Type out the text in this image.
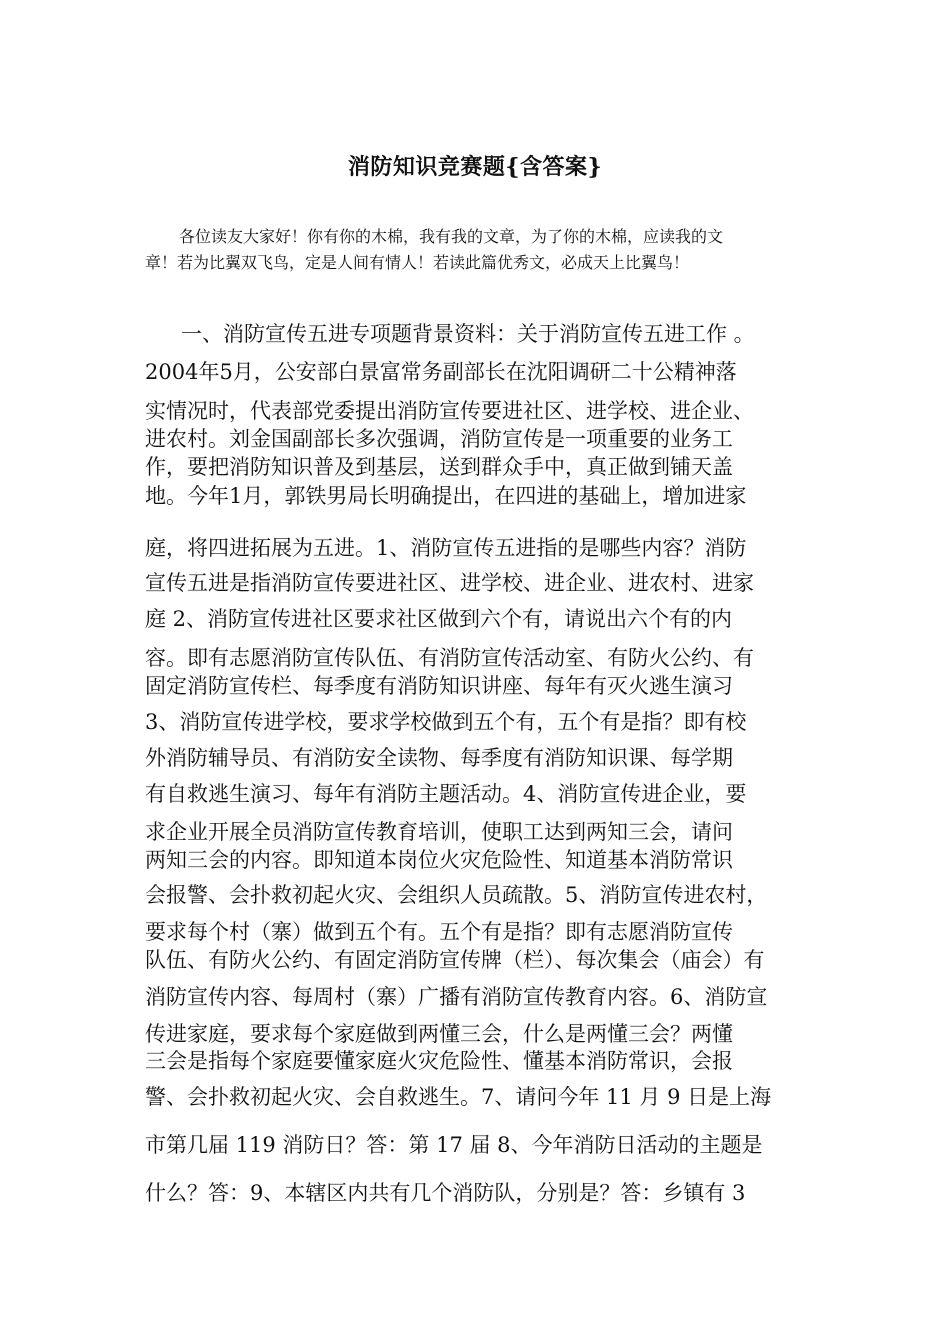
消防知识竞赛题{含答案}
各位读友大家好！你有你的木棉，我有我的文章，为了你的木棉，应读我的文
章！若为比翼双飞鸟，定是人间有情人！若读此篇优秀文，必成天上比翼鸟！
一、消防宣传五进专项题背景资料：关于消防宣传五进工作 。
2004年5月，公安部白景富常务副部长在沈阳调研二十公精神落
实情况时，代表部党委提出消防宣传要进社区、进学校、进企业、
进农村。刘金国副部长多次强调，消防宣传是一项重要的业务工
作，要把消防知识普及到基层，送到群众手中，真正做到铺天盖
地。今年1月，郭铁男局长明确提出，在四进的基础上，增加进家
庭，将四进拓展为五进。1、消防宣传五进指的是哪些内容？消防
宣传五进是指消防宣传要进社区、进学校、进企业、进农村、进家
庭 2、消防宣传进社区要求社区做到六个有，请说出六个有的内
容。即有志愿消防宣传队伍、有消防宣传活动室、有防火公约、有
固定消防宣传栏、每季度有消防知识讲座、每年有灭火逃生演习
3、消防宣传进学校，要求学校做到五个有，五个有是指？即有校
外消防辅导员、有消防安全读物、每季度有消防知识课、每学期
有自救逃生演习、每年有消防主题活动。4、消防宣传进企业，要
求企业开展全员消防宣传教育培训，使职工达到两知三会，请问
两知三会的内容。即知道本岗位火灾危险性、知道基本消防常识
会报警、会扑救初起火灾、会组织人员疏散。5、消防宣传进农村，
要求每个村（寨）做到五个有。五个有是指？即有志愿消防宣传
队伍、有防火公约、有固定消防宣传牌（栏）、每次集会（庙会）有
消防宣传内容、每周村（寨）广播有消防宣传教育内容。6、消防宣
传进家庭，要求每个家庭做到两懂三会，什么是两懂三会？两懂
三会是指每个家庭要懂家庭火灾危险性、懂基本消防常识，会报
警、会扑救初起火灾、会自救逃生。7、请问今年 11 月 9 日是上海
市第几届 119 消防日？答：第 17 届 8、今年消防日活动的主题是
什么？答：9、本辖区内共有几个消防队，分别是？答：乡镇有 3
